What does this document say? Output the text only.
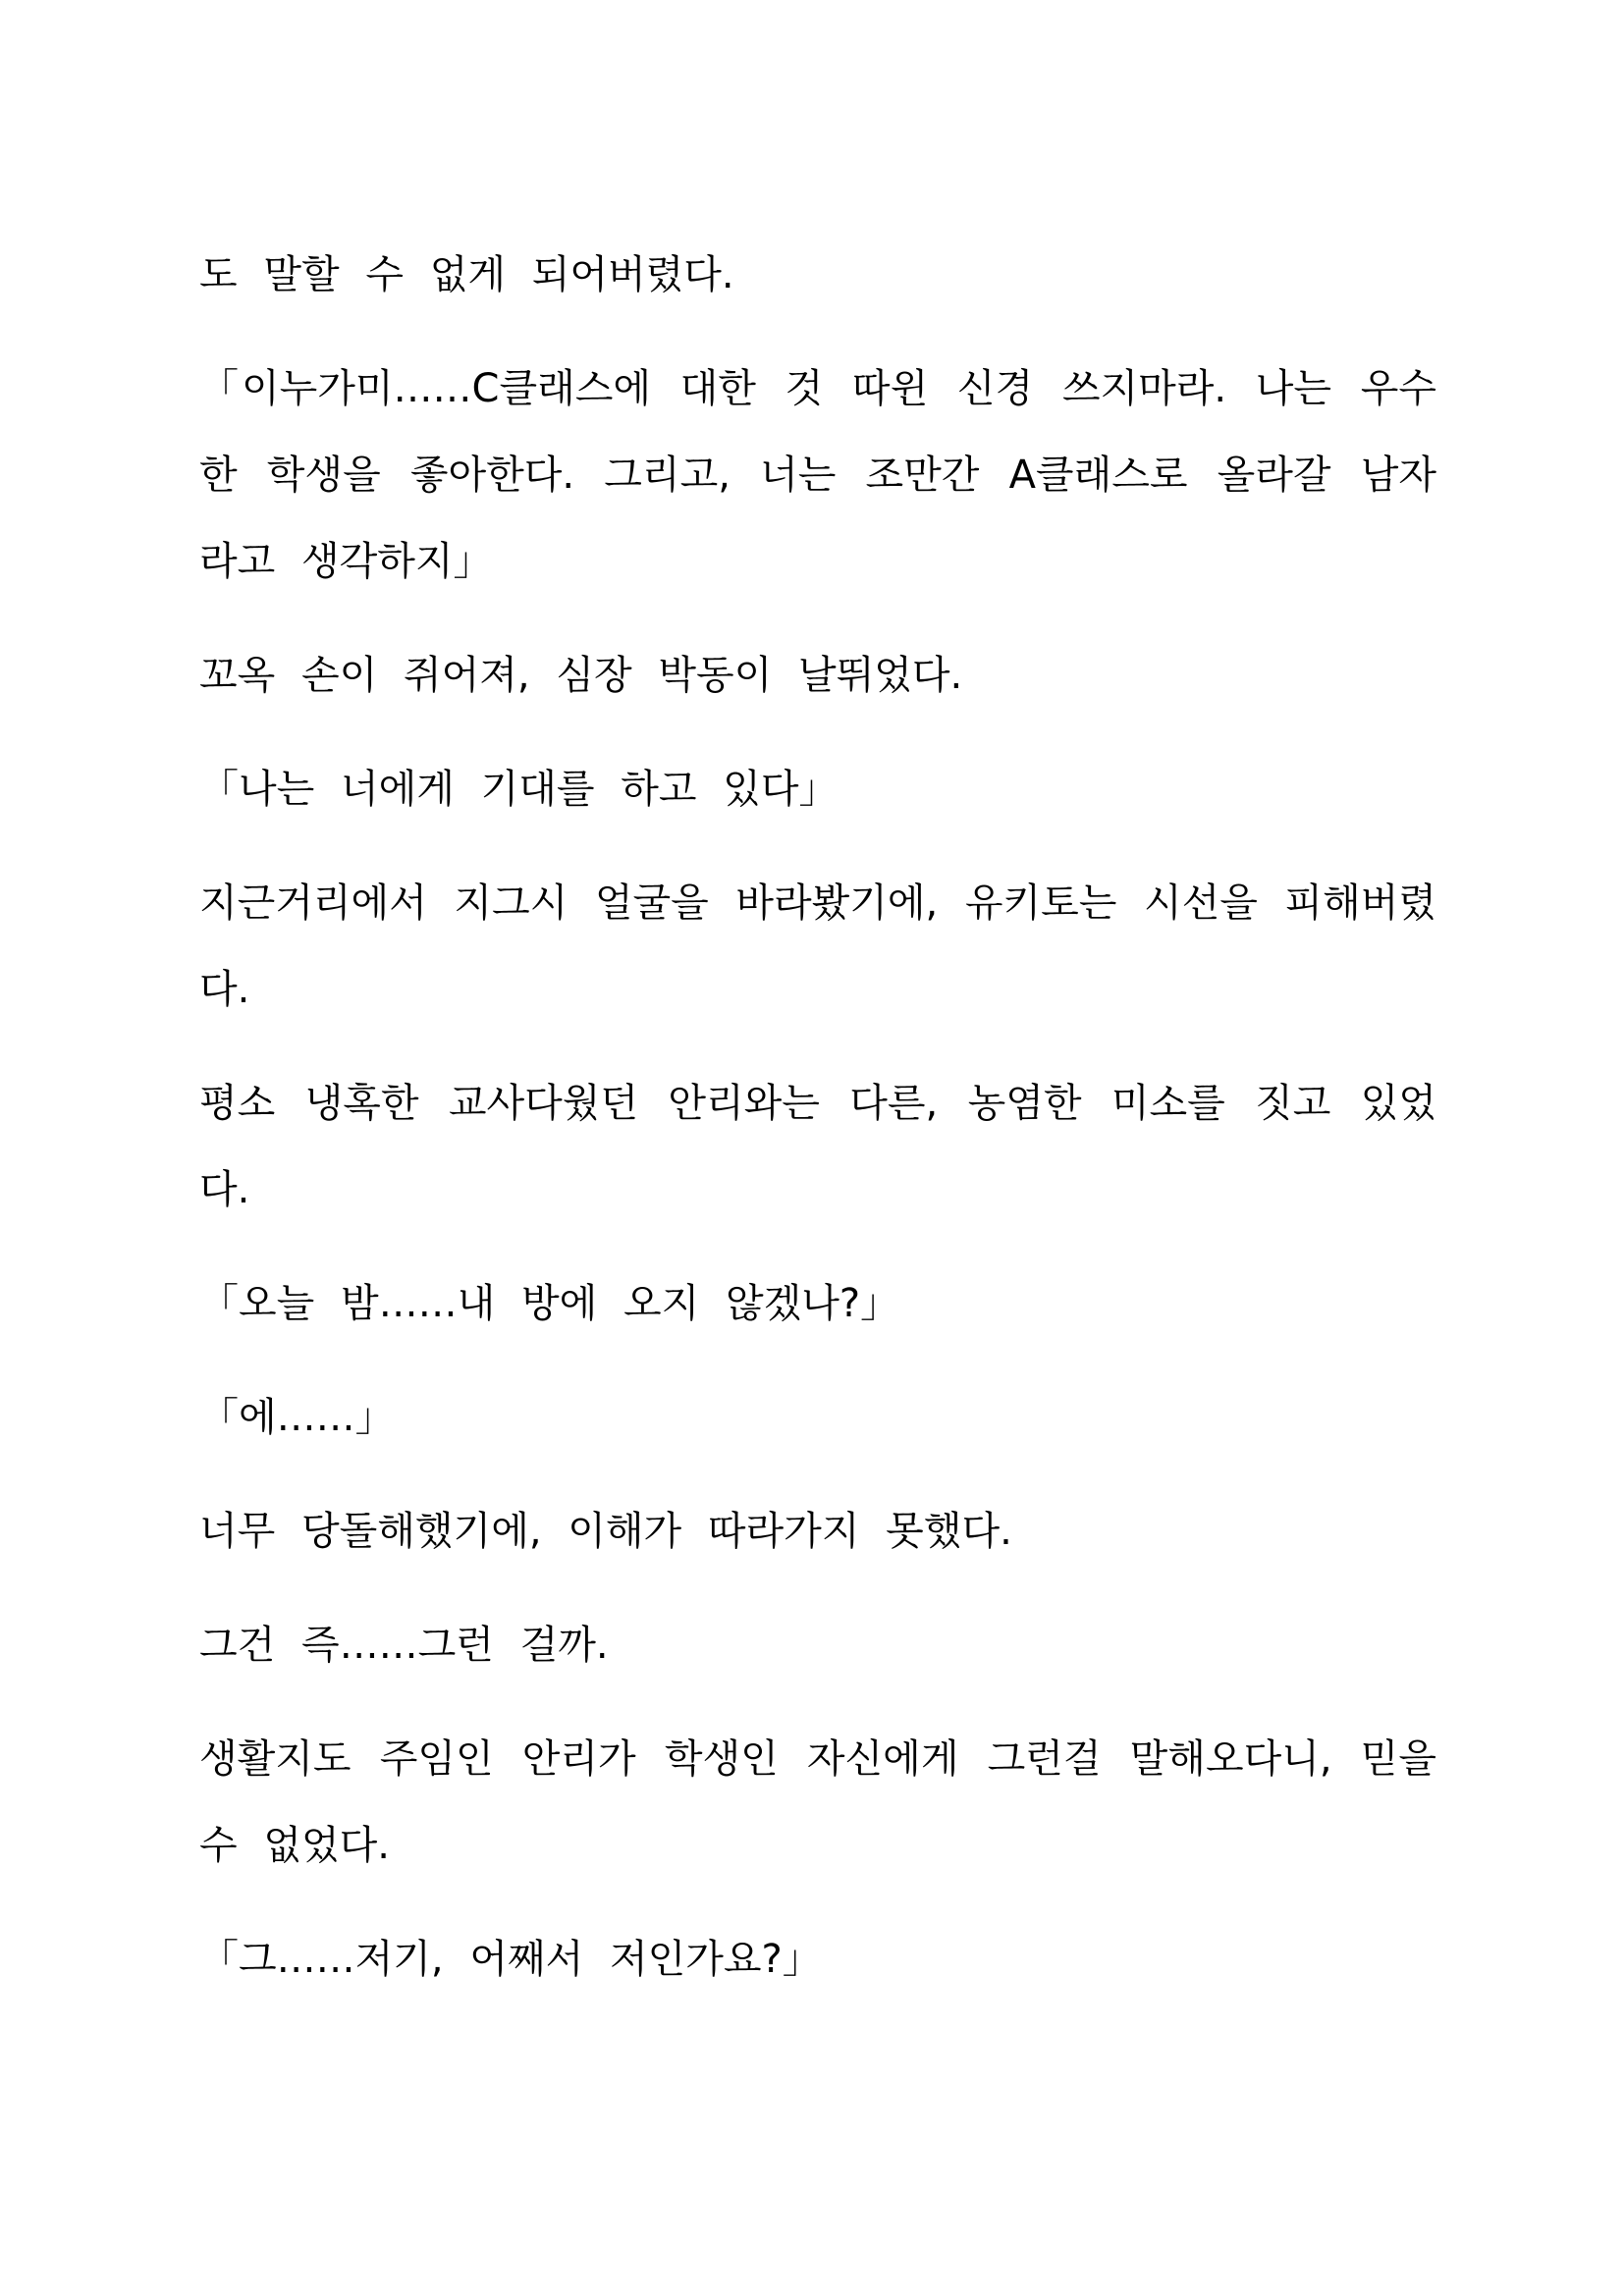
도 말할 수 없게 되어버렸다.

「이누가미……C클래스에 대한 것 따윈 신경 쓰지마라. 나는 우수한 학생을 좋아한다. 그리고, 너는 조만간 A클래스로 올라갈 남자라고 생각하지」

꼬옥 손이 쥐어져, 심장 박동이 날뛰었다.

「나는 너에게 기대를 하고 있다」

지근거리에서 지그시 얼굴을 바라봤기에, 유키토는 시선을 피해버렸다.

평소 냉혹한 교사다웠던 안리와는 다른, 농염한 미소를 짓고 있었다.

「오늘 밤……내 방에 오지 않겠나?」

「에……」

너무 당돌해했기에, 이해가 따라가지 못했다.

그건 즉……그런 걸까.

생활지도 주임인 안리가 학생인 자신에게 그런걸 말해오다니, 믿을 수 없었다.

「그……저기, 어째서 저인가요?」
